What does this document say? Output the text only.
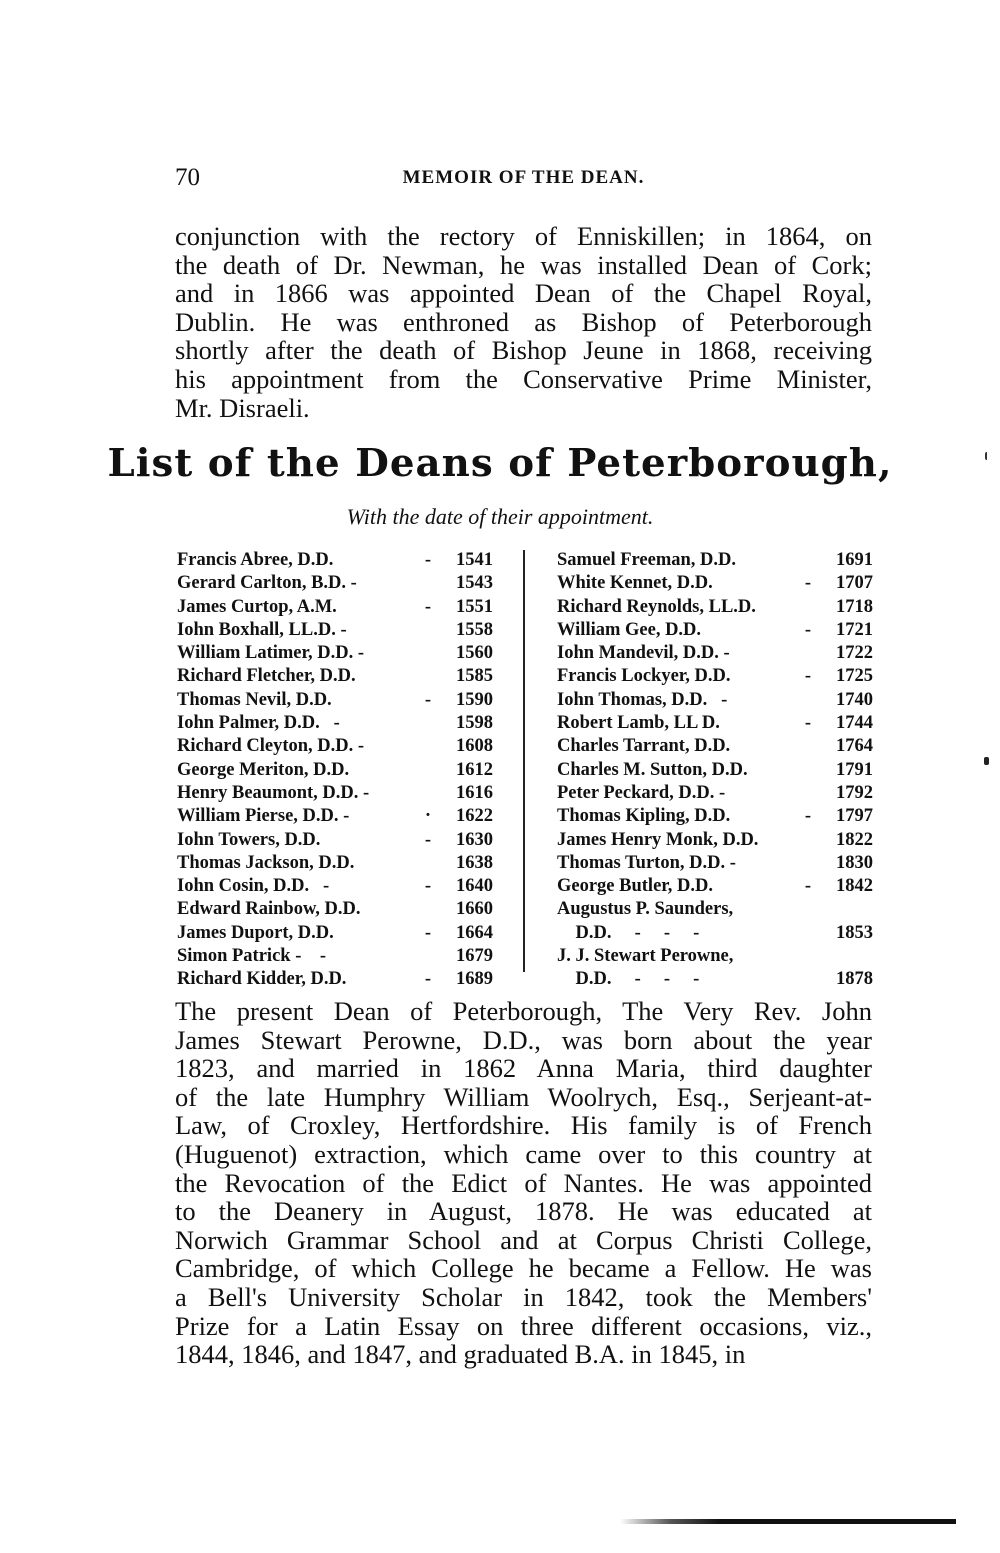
70	MEMOIR OF THE DEAN.
conjunction with the rectory of Enniskillen; in 1864, on
the death of Dr. Newman, he was installed Dean of Cork;
and in 1866 was appointed Dean of the Chapel Royal,
Dublin. He was enthroned as Bishop of Peterborough
shortly after the death of Bishop Jeune in 1868, receiving
his appointment from the Conservative Prime Minister,
Mr. Disraeli.
List of the Deans of Peterborough,
With the date of their appointment.
Francis Abree, D.D.	- 1541
Gerard Carlton, B.D. -	1543
James Curtop, A.M.	- 1551
Iohn Boxhall, LL.D. -	1558
William Latimer, D.D. -	1560
Richard Fletcher, D.D.	1585
Thomas Nevil, D.D.	- 1590
Iohn Palmer, D.D.   -	1598
Richard Cleyton, D.D. -	1608
George Meriton, D.D.	1612
Henry Beaumont, D.D. -	1616
William Pierse, D.D. -	· 1622
Iohn Towers, D.D.	- 1630
Thomas Jackson, D.D.	1638
Iohn Cosin, D.D.   -	- 1640
Edward Rainbow, D.D.	1660
James Duport, D.D.	- 1664
Simon Patrick -    -	1679
Richard Kidder, D.D.	- 1689
Samuel Freeman, D.D.	1691
White Kennet, D.D.	- 1707
Richard Reynolds, LL.D.	1718
William Gee, D.D.	- 1721
Iohn Mandevil, D.D. -	1722
Francis Lockyer, D.D.	- 1725
Iohn Thomas, D.D.   -	1740
Robert Lamb, LL D.	- 1744
Charles Tarrant, D.D.	1764
Charles M. Sutton, D.D.	1791
Peter Peckard, D.D. -	1792
Thomas Kipling, D.D.	- 1797
James Henry Monk, D.D.	1822
Thomas Turton, D.D. -	1830
George Butler, D.D.	- 1842
Augustus P. Saunders,
D.D.     -     -     -	1853
J. J. Stewart Perowne,
D.D.     -     -     -	1878
The present Dean of Peterborough, The Very Rev. John
James Stewart Perowne, D.D., was born about the year
1823, and married in 1862 Anna Maria, third daughter
of the late Humphry William Woolrych, Esq., Serjeant-at-
Law, of Croxley, Hertfordshire. His family is of French
(Huguenot) extraction, which came over to this country at
the Revocation of the Edict of Nantes. He was appointed
to the Deanery in August, 1878. He was educated at
Norwich Grammar School and at Corpus Christi College,
Cambridge, of which College he became a Fellow. He was
a Bell's University Scholar in 1842, took the Members'
Prize for a Latin Essay on three different occasions, viz.,
1844, 1846, and 1847, and graduated B.A. in 1845, in
